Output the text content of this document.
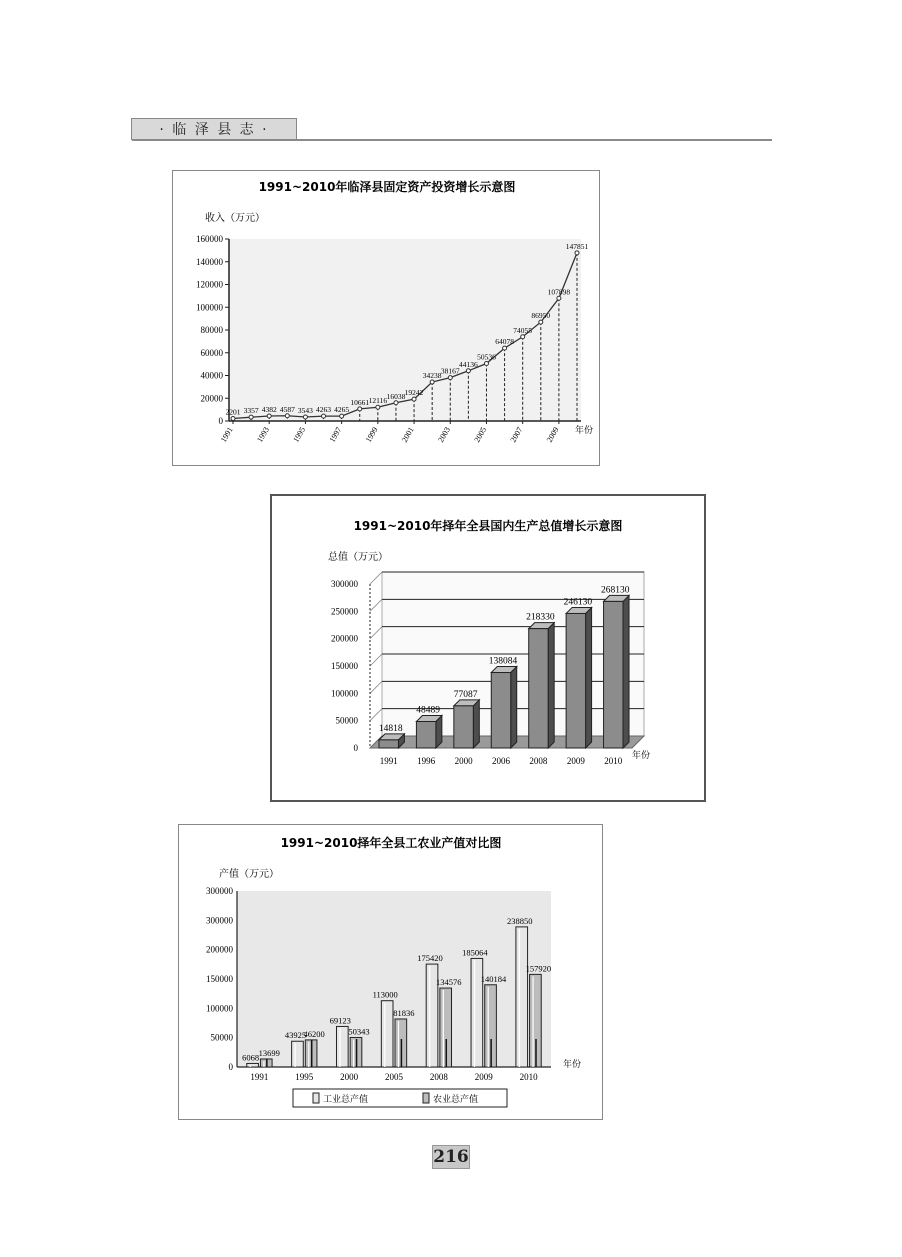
· 临 泽 县 志 ·
1991~2010年临泽县固定资产投资增长示意图
收入（万元）
0
20000
40000
60000
80000
100000
120000
140000
160000
2201 3357 4382 4587 3543 4263 4265
10661 12116 16038 19242
34238 38167
44136
50536
64078
74055
86950
107898
147851
1991	1993	1995	1997	1999	2001	2003	2005	2007	2009 年份
1991~2010年择年全县国内生产总值增长示意图
总值（万元）
0
50000
100000
150000
200000
250000
300000
14818
1991
48489
1996
77087
2000
138084
2006
218330
2008
246130
2009
268130
2010 年份
1991~2010择年全县工农业产值对比图
产值（万元）
0
50000
100000
150000
200000
300000
300000
6068 13699
1991
43925
46200
1995
69123
50343
2000
113000
81836
2005
175420
134576
2008
185064
140184
2009
238850
157920
2010
年份
工业总产值	农业总产值
216
